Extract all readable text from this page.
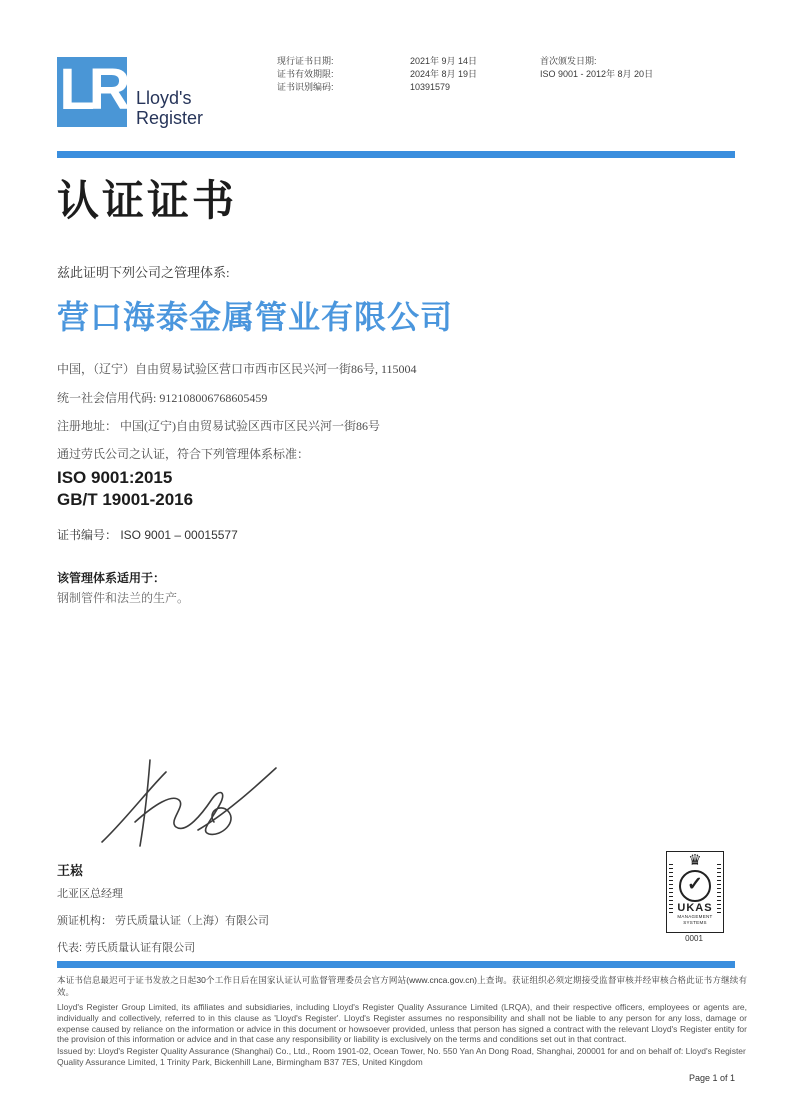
LR Lloyd's
Register
现行证书日期:
证书有效期限:
证书识别编码:
2021年 9月 14日
2024年 8月 19日
10391579
首次颁发日期:
ISO 9001 - 2012年 8月 20日
认证证书
兹此证明下列公司之管理体系:
营口海泰金属管业有限公司
中国，（辽宁）自由贸易试验区营口市西市区民兴河一街86号, 115004
统一社会信用代码: 912108006768605459
注册地址： 中国(辽宁)自由贸易试验区西市区民兴河一街86号
通过劳氏公司之认证，符合下列管理体系标准：
ISO 9001:2015
GB/T 19001-2016
证书编号： ISO 9001 – 00015577
该管理体系适用于：
钢制管件和法兰的生产。
王崧
北亚区总经理
颁证机构： 劳氏质量认证（上海）有限公司
代表: 劳氏质量认证有限公司
♛
✓
UKAS
MANAGEMENT
SYSTEMS
0001
本证书信息最迟可于证书发放之日起30个工作日后在国家认证认可监督管理委员会官方网站(www.cnca.gov.cn)上查询。获证组织必须定期接受监督审核并经审核合格此证书方继续有效。
Lloyd's Register Group Limited, its affiliates and subsidiaries, including Lloyd's Register Quality Assurance Limited (LRQA), and their respective officers, employees or agents are, individually and collectively, referred to in this clause as 'Lloyd's Register'. Lloyd's Register assumes no responsibility and shall not be liable to any person for any loss, damage or expense caused by reliance on the information or advice in this document or howsoever provided, unless that person has signed a contract with the relevant Lloyd's Register entity for the provision of this information or advice and in that case any responsibility or liability is exclusively on the terms and conditions set out in that contract.
Issued by: Lloyd's Register Quality Assurance (Shanghai) Co., Ltd., Room 1901-02, Ocean Tower, No. 550 Yan An Dong Road, Shanghai, 200001 for and on behalf of: Lloyd's Register Quality Assurance Limited, 1 Trinity Park, Bickenhill Lane, Birmingham B37 7ES, United Kingdom
Page 1 of 1
